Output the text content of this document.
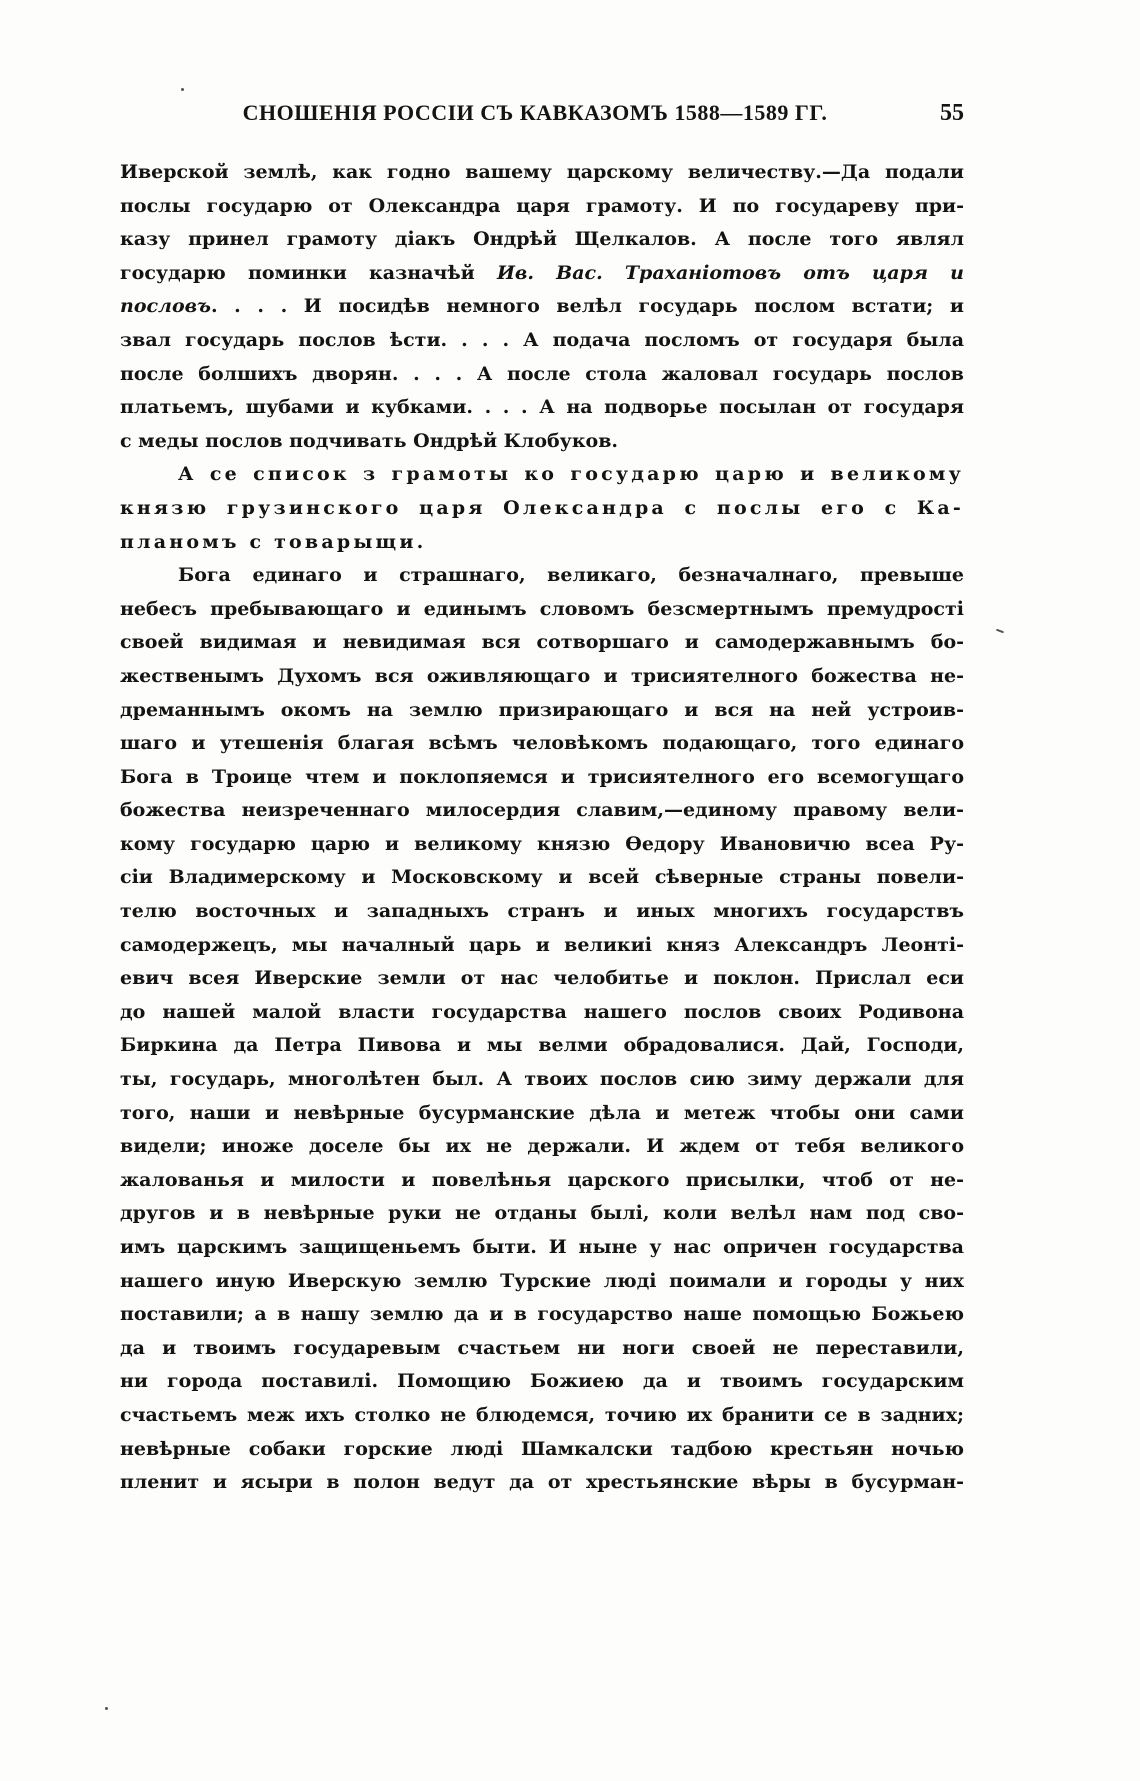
СНОШЕНІЯ РОССІИ СЪ КАВКАЗОМЪ 1588—1589 ГГ.	55
Иверской землѣ, как годно вашему царскому величеству.—Да подали
послы государю от Олександра царя грамоту. И по государеву при-
казу принел грамоту діакъ Ондрѣй Щелкалов. А после того являл
государю поминки казначѣй Ив. Вас. Траханіотовъ отъ царя и
пословъ. . . . И посидѣв немного велѣл государь послом встати; и
звал государь послов ѣсти. . . . А подача посломъ от государя была
после болшихъ дворян. . . . А после стола жаловал государь послов
платьемъ, шубами и кубками. . . . А на подворье посылан от государя
с меды послов подчивать Ондрѣй Клобуков.
А се список з грамоты ко государю царю и великому
князю грузинского царя Олександра с послы его с Ка-
планомъ с товарыщи.
Бога единаго и страшнаго, великаго, безначалнаго, превыше
небесъ пребывающаго и единымъ словомъ безсмертнымъ премудрості
своей видимая и невидимая вся сотворшаго и самодержавнымъ бо-
жественымъ Духомъ вся оживляющаго и трисиятелного божества не-
дреманнымъ окомъ на землю призирающаго и вся на ней устроив-
шаго и утешенія благая всѣмъ человѣкомъ подающаго, того единаго
Бога в Троице чтем и поклопяемся и трисиятелного его всемогущаго
божества неизреченнаго милосердия славим,—единому правому вели-
кому государю царю и великому князю Ѳедору Ивановичю всеа Ру-
сіи Владимерскому и Московскому и всей сѣверные страны повели-
телю восточных и западныхъ странъ и иных многихъ государствъ
самодержецъ, мы началный царь и великиі княз Александръ Леонті-
евич всея Иверские земли от нас челобитье и поклон. Прислал еси
до нашей малой власти государства нашего послов своих Родивона
Биркина да Петра Пивова и мы велми обрадовалися. Дай, Господи,
ты, государь, многолѣтен был. А твоих послов сию зиму держали для
того, наши и невѣрные бусурманские дѣла и метеж чтобы они сами
видели; иноже доселе бы их не держали. И ждем от тебя великого
жалованья и милости и повелѣнья царского присылки, чтоб от не-
другов и в невѣрные руки не отданы былі, коли велѣл нам под сво-
имъ царскимъ защищеньемъ быти. И ныне у нас опричен государства
нашего иную Иверскую землю Турские люді поимали и городы у них
поставили; а в нашу землю да и в государство наше помощью Божьею
да и твоимъ государевым счастьем ни ноги своей не переставили,
ни города поставилі. Помощию Божиею да и твоимъ государским
счастьемъ меж ихъ столко не блюдемся, точию их бранити се в задних;
невѣрные собаки горские люді Шамкалски тадбою крестьян ночью
пленит и ясыри в полон ведут да от хрестьянские вѣры в бусурман-
